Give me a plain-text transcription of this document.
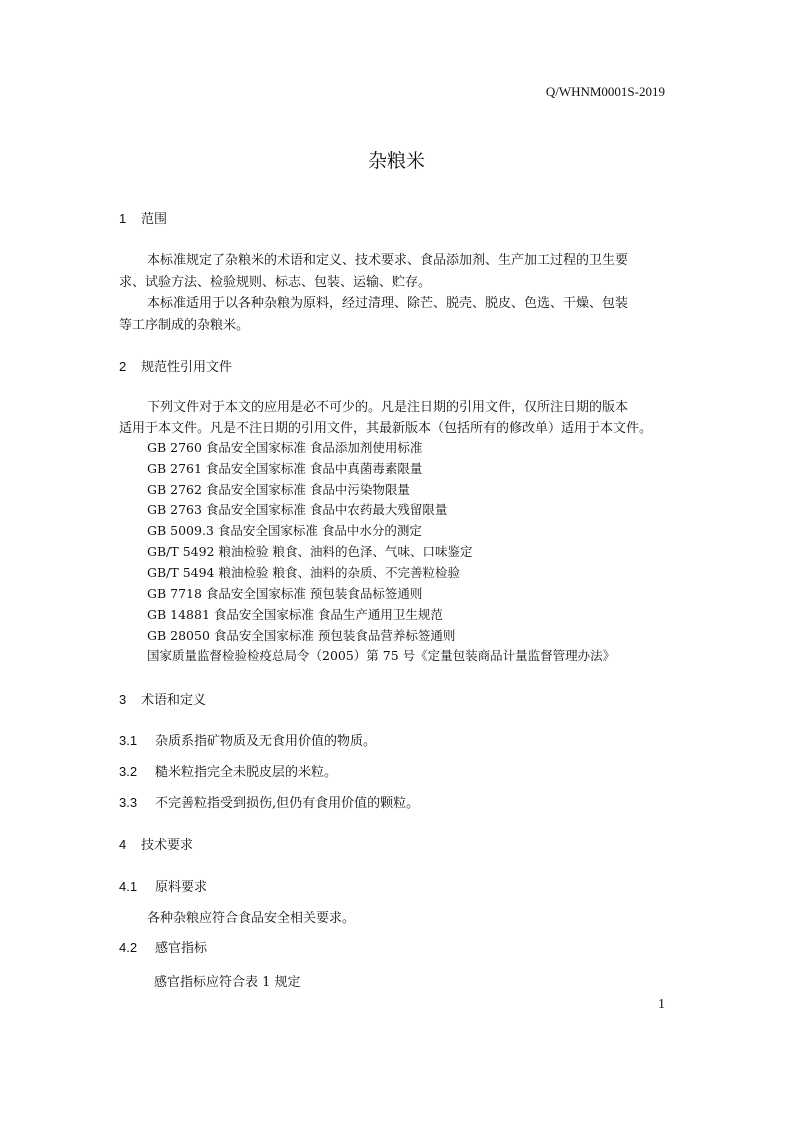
Q/WHNM0001S-2019
杂粮米
1 范围
本标准规定了杂粮米的术语和定义、技术要求、食品添加剂、生产加工过程的卫生要
求、试验方法、检验规则、标志、包装、运输、贮存。
本标准适用于以各种杂粮为原料，经过清理、除芒、脱壳、脱皮、色选、干燥、包装
等工序制成的杂粮米。
2 规范性引用文件
下列文件对于本文的应用是必不可少的。凡是注日期的引用文件，仅所注日期的版本
适用于本文件。凡是不注日期的引用文件，其最新版本（包括所有的修改单）适用于本文件。
GB 2760 食品安全国家标准 食品添加剂使用标准
GB 2761 食品安全国家标准 食品中真菌毒素限量
GB 2762 食品安全国家标准 食品中污染物限量
GB 2763 食品安全国家标准 食品中农药最大残留限量
GB 5009.3 食品安全国家标准 食品中水分的测定
GB/T 5492 粮油检验 粮食、油料的色泽、气味、口味鉴定
GB/T 5494 粮油检验 粮食、油料的杂质、不完善粒检验
GB 7718 食品安全国家标准 预包装食品标签通则
GB 14881 食品安全国家标准 食品生产通用卫生规范
GB 28050 食品安全国家标准 预包装食品营养标签通则
国家质量监督检验检疫总局令（2005）第 75 号《定量包装商品计量监督管理办法》
3 术语和定义
3.1 杂质系指矿物质及无食用价值的物质。
3.2 糙米粒指完全未脱皮层的米粒。
3.3 不完善粒指受到损伤,但仍有食用价值的颗粒。
4 技术要求
4.1 原料要求
各种杂粮应符合食品安全相关要求。
4.2 感官指标
感官指标应符合表 1 规定
1
